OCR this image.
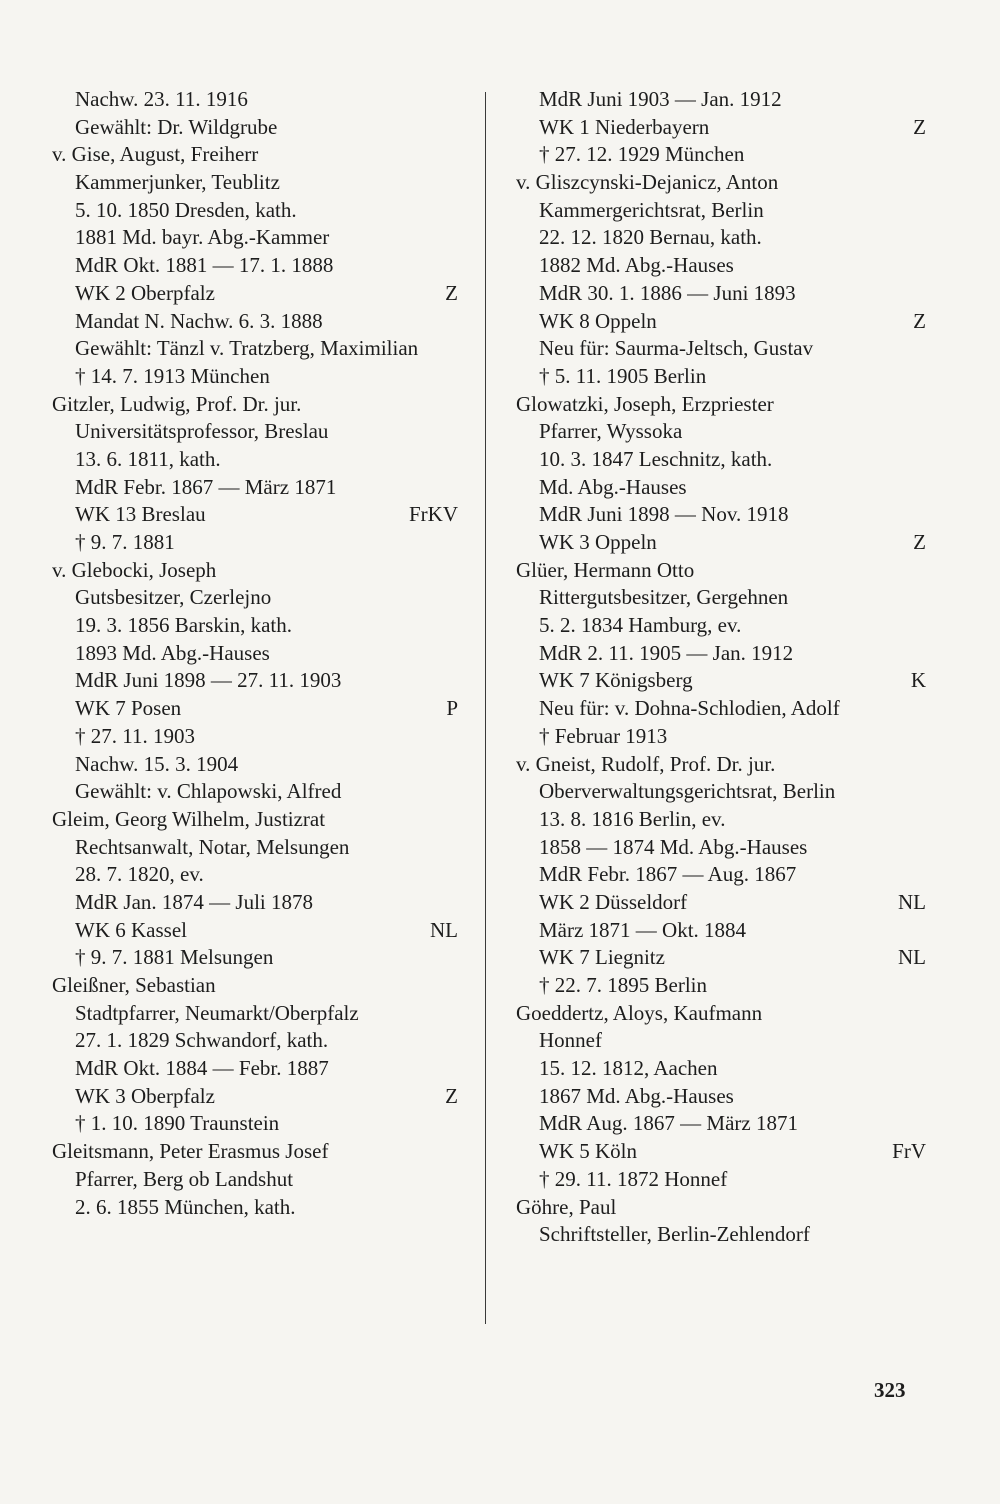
Nachw. 23. 11. 1916
Gewählt: Dr. Wildgrube
v. Gise, August, Freiherr
Kammerjunker, Teublitz
5. 10. 1850 Dresden, kath.
1881 Md. bayr. Abg.-Kammer
MdR Okt. 1881 — 17. 1. 1888
WK 2 Oberpfalz	Z
Mandat N. Nachw. 6. 3. 1888
Gewählt: Tänzl v. Tratzberg, Maximilian
† 14. 7. 1913 München
Gitzler, Ludwig, Prof. Dr. jur.
Universitätsprofessor, Breslau
13. 6. 1811, kath.
MdR Febr. 1867 — März 1871
WK 13 Breslau	FrKV
† 9. 7. 1881
v. Glebocki, Joseph
Gutsbesitzer, Czerlejno
19. 3. 1856 Barskin, kath.
1893 Md. Abg.-Hauses
MdR Juni 1898 — 27. 11. 1903
WK 7 Posen	P
† 27. 11. 1903
Nachw. 15. 3. 1904
Gewählt: v. Chlapowski, Alfred
Gleim, Georg Wilhelm, Justizrat
Rechtsanwalt, Notar, Melsungen
28. 7. 1820, ev.
MdR Jan. 1874 — Juli 1878
WK 6 Kassel	NL
† 9. 7. 1881 Melsungen
Gleißner, Sebastian
Stadtpfarrer, Neumarkt/Oberpfalz
27. 1. 1829 Schwandorf, kath.
MdR Okt. 1884 — Febr. 1887
WK 3 Oberpfalz	Z
† 1. 10. 1890 Traunstein
Gleitsmann, Peter Erasmus Josef
Pfarrer, Berg ob Landshut
2. 6. 1855 München, kath.
MdR Juni 1903 — Jan. 1912
WK 1 Niederbayern	Z
† 27. 12. 1929 München
v. Gliszcynski-Dejanicz, Anton
Kammergerichtsrat, Berlin
22. 12. 1820 Bernau, kath.
1882 Md. Abg.-Hauses
MdR 30. 1. 1886 — Juni 1893
WK 8 Oppeln	Z
Neu für: Saurma-Jeltsch, Gustav
† 5. 11. 1905 Berlin
Glowatzki, Joseph, Erzpriester
Pfarrer, Wyssoka
10. 3. 1847 Leschnitz, kath.
Md. Abg.-Hauses
MdR Juni 1898 — Nov. 1918
WK 3 Oppeln	Z
Glüer, Hermann Otto
Rittergutsbesitzer, Gergehnen
5. 2. 1834 Hamburg, ev.
MdR 2. 11. 1905 — Jan. 1912
WK 7 Königsberg	K
Neu für: v. Dohna-Schlodien, Adolf
† Februar 1913
v. Gneist, Rudolf, Prof. Dr. jur.
Oberverwaltungsgerichtsrat, Berlin
13. 8. 1816 Berlin, ev.
1858 — 1874 Md. Abg.-Hauses
MdR Febr. 1867 — Aug. 1867
WK 2 Düsseldorf	NL
März 1871 — Okt. 1884
WK 7 Liegnitz	NL
† 22. 7. 1895 Berlin
Goeddertz, Aloys, Kaufmann
Honnef
15. 12. 1812, Aachen
1867 Md. Abg.-Hauses
MdR Aug. 1867 — März 1871
WK 5 Köln	FrV
† 29. 11. 1872 Honnef
Göhre, Paul
Schriftsteller, Berlin-Zehlendorf
323
